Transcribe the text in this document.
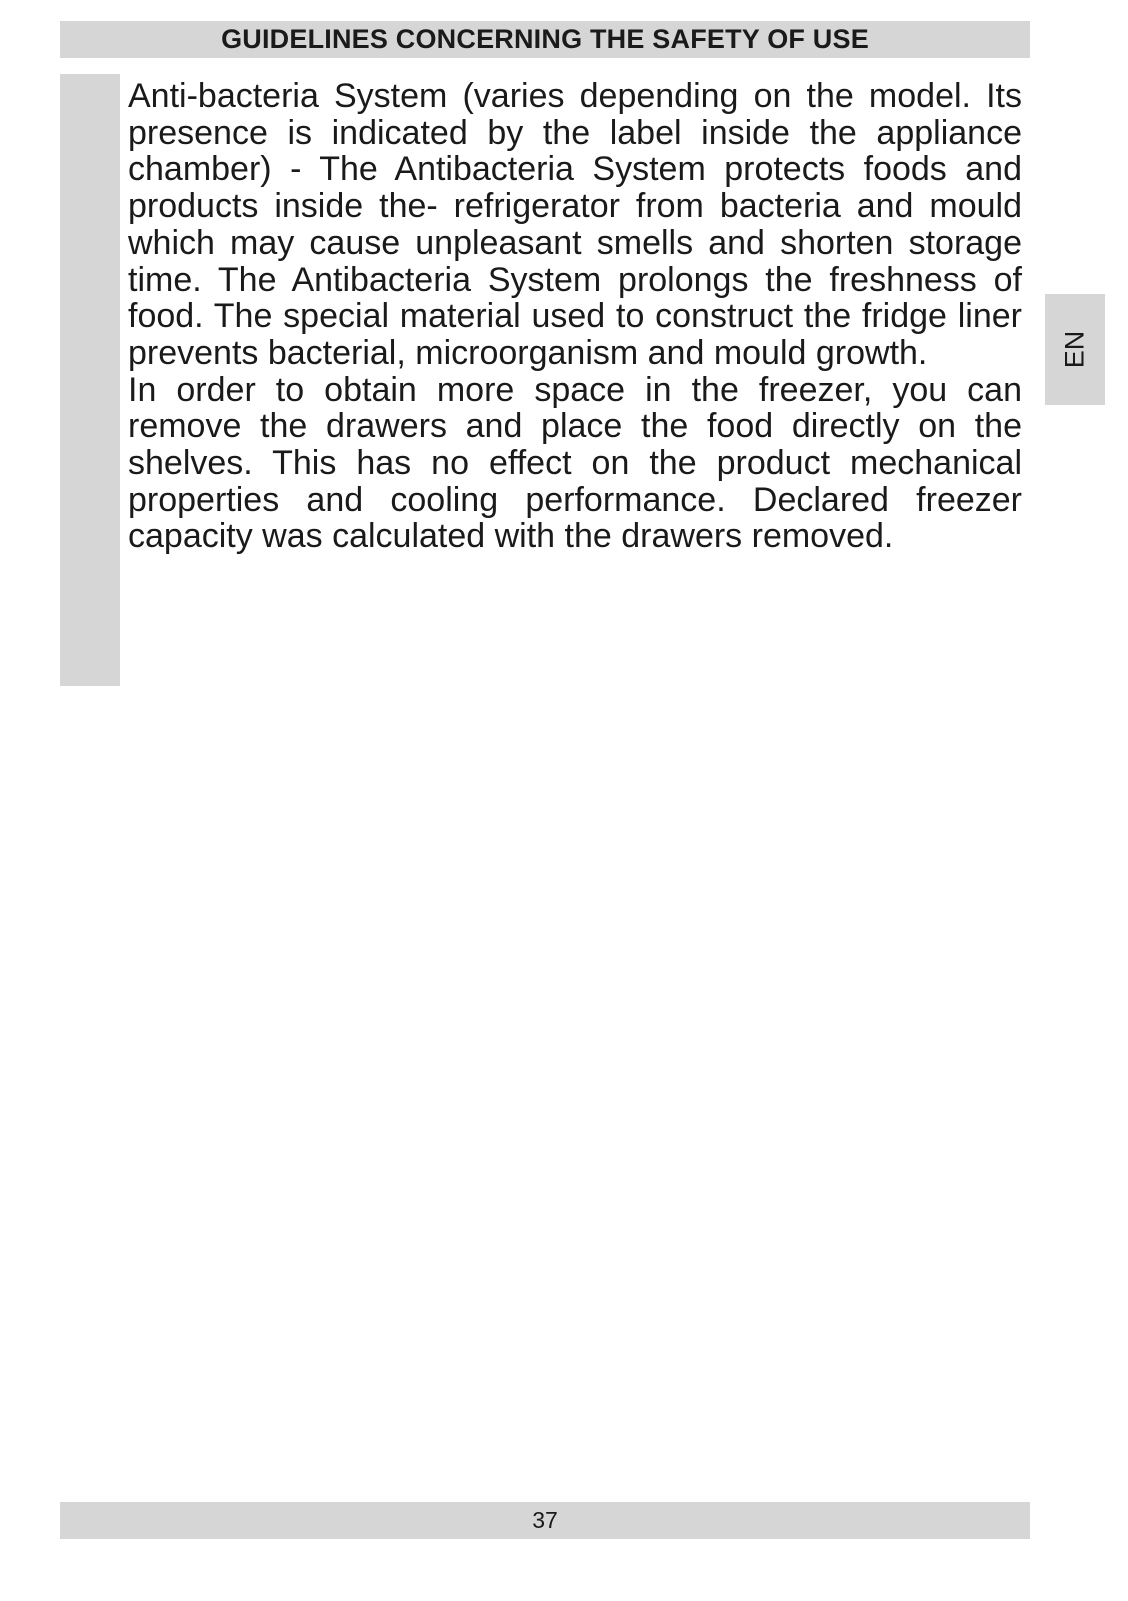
GUIDELINES CONCERNING THE SAFETY OF USE
EN

Anti-bacteria System (varies depending on the model. Its presence is indicated by the label inside the appliance chamber) - The Antibacteria System protects foods and products inside the- refrigerator from bacteria and mould which may cause unpleasant smells and shorten storage time. The Antibacteria System prolongs the freshness of food. The special material used to construct the fridge liner prevents bacterial, microorganism and mould growth.

In order to obtain more space in the freezer, you can remove the drawers and place the food directly on the shelves. This has no effect on the product mechanical properties and cooling performance. Declared freezer capacity was calculated with the drawers removed.

37
